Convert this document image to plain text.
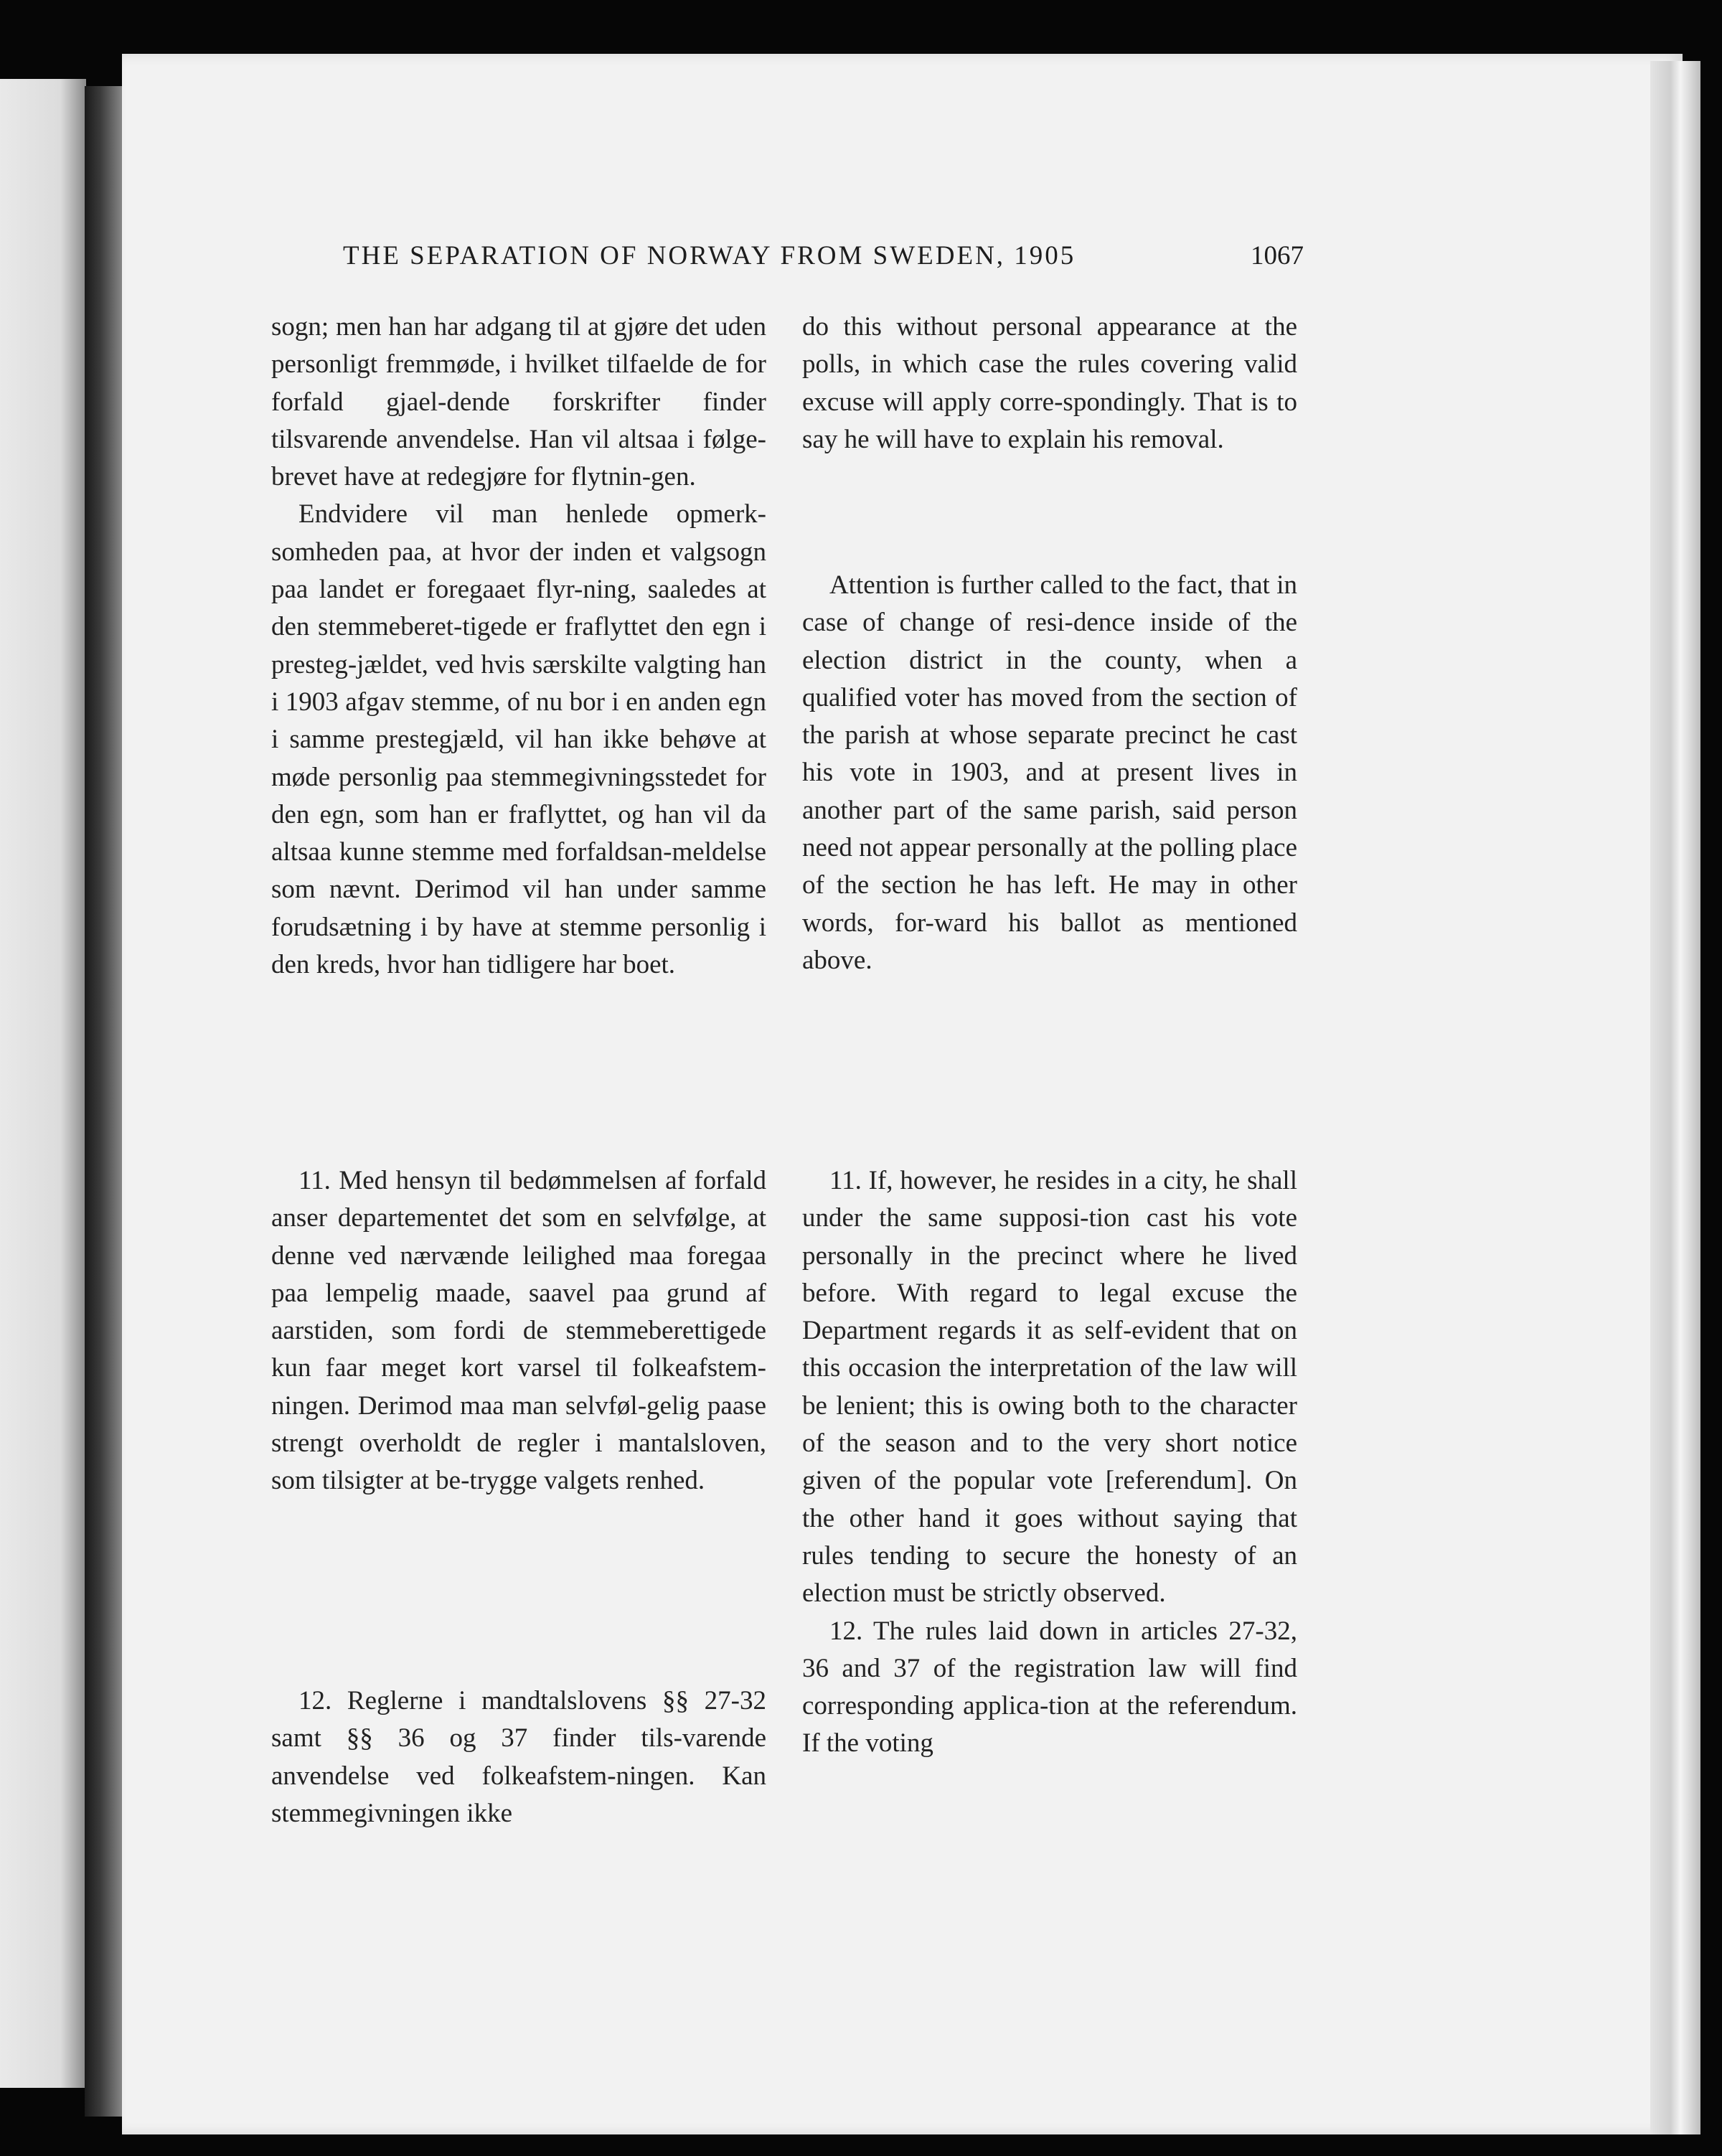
THE SEPARATION OF NORWAY FROM SWEDEN, 1905	1067

sogn; men han har adgang til at gjøre det uden personligt fremmøde, i hvilket tilfaelde de for forfald gjael-dende forskrifter finder tilsvarende anvendelse. Han vil altsaa i følge-brevet have at redegjøre for flytnin-gen.

Endvidere vil man henlede opmerk-somheden paa, at hvor der inden et valgsogn paa landet er foregaaet flyr-ning, saaledes at den stemmeberet-tigede er fraflyttet den egn i presteg-jældet, ved hvis særskilte valgting han i 1903 afgav stemme, of nu bor i en anden egn i samme prestegjæld, vil han ikke behøve at møde personlig paa stemmegivningsstedet for den egn, som han er fraflyttet, og han vil da altsaa kunne stemme med forfaldsan-meldelse som nævnt. Derimod vil han under samme forudsætning i by have at stemme personlig i den kreds, hvor han tidligere har boet.

11. Med hensyn til bedømmelsen af forfald anser departementet det som en selvfølge, at denne ved nærvænde leilighed maa foregaa paa lempelig maade, saavel paa grund af aarstiden, som fordi de stemmeberettigede kun faar meget kort varsel til folkeafstem-ningen. Derimod maa man selvføl-gelig paase strengt overholdt de regler i mantalsloven, som tilsigter at be-trygge valgets renhed.

12. Reglerne i mandtalslovens §§ 27-32 samt §§ 36 og 37 finder tils-varende anvendelse ved folkeafstem-ningen. Kan stemmegivningen ikke

do this without personal appearance at the polls, in which case the rules covering valid excuse will apply corre-spondingly. That is to say he will have to explain his removal.

Attention is further called to the fact, that in case of change of resi-dence inside of the election district in the county, when a qualified voter has moved from the section of the parish at whose separate precinct he cast his vote in 1903, and at present lives in another part of the same parish, said person need not appear personally at the polling place of the section he has left. He may in other words, for-ward his ballot as mentioned above.

11. If, however, he resides in a city, he shall under the same supposi-tion cast his vote personally in the precinct where he lived before. With regard to legal excuse the Department regards it as self-evident that on this occasion the interpretation of the law will be lenient; this is owing both to the character of the season and to the very short notice given of the popular vote [referendum]. On the other hand it goes without saying that rules tending to secure the honesty of an election must be strictly observed.

12. The rules laid down in articles 27-32, 36 and 37 of the registration law will find corresponding applica-tion at the referendum. If the voting
